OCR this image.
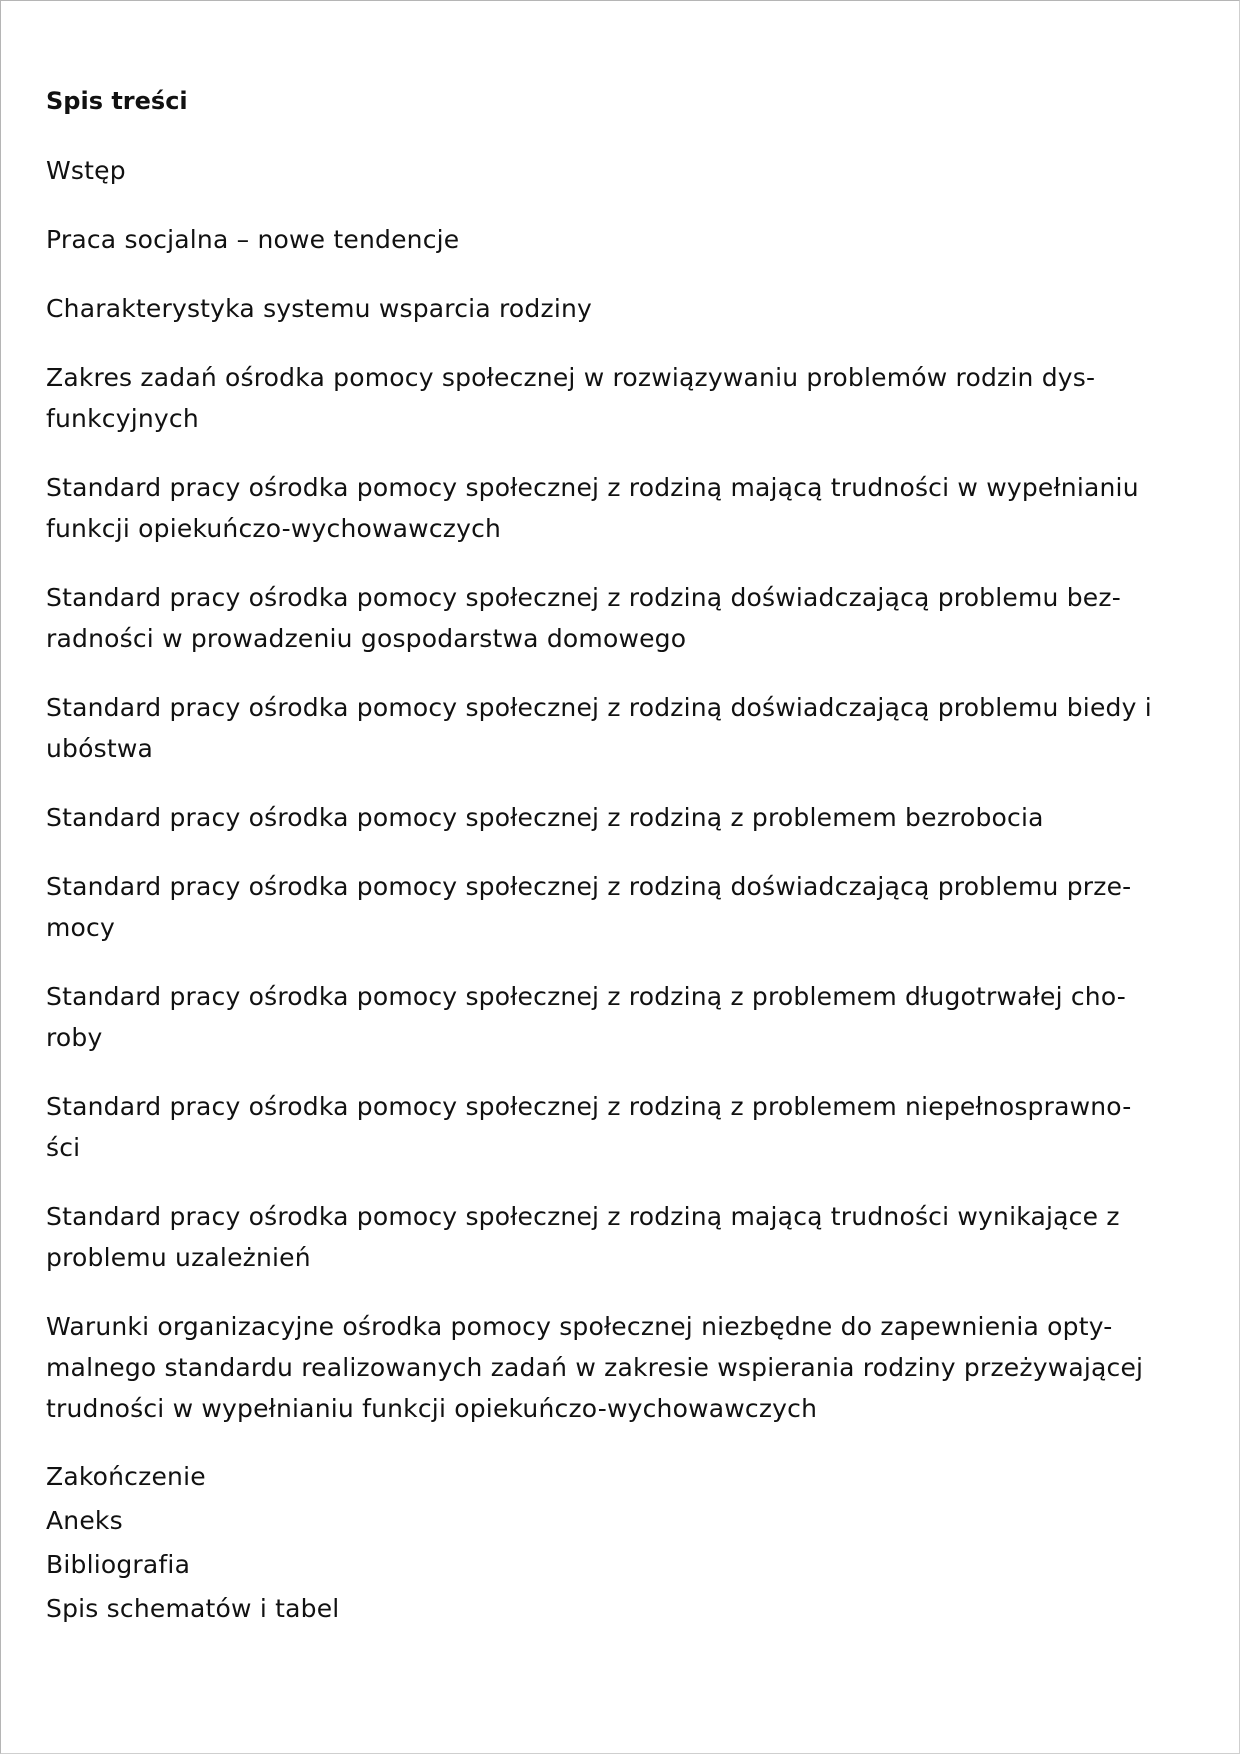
Spis treści
Wstęp
Praca socjalna – nowe tendencje
Charakterystyka systemu wsparcia rodziny
Zakres zadań ośrodka pomocy społecznej w rozwiązywaniu problemów rodzin dys-
funkcyjnych
Standard pracy ośrodka pomocy społecznej z rodziną mającą trudności w wypełnianiu
funkcji opiekuńczo-wychowawczych
Standard pracy ośrodka pomocy społecznej z rodziną doświadczającą problemu bez-
radności w prowadzeniu gospodarstwa domowego
Standard pracy ośrodka pomocy społecznej z rodziną doświadczającą problemu biedy i
ubóstwa
Standard pracy ośrodka pomocy społecznej z rodziną z problemem bezrobocia
Standard pracy ośrodka pomocy społecznej z rodziną doświadczającą problemu prze-
mocy
Standard pracy ośrodka pomocy społecznej z rodziną z problemem długotrwałej cho-
roby
Standard pracy ośrodka pomocy społecznej z rodziną z problemem niepełnosprawno-
ści
Standard pracy ośrodka pomocy społecznej z rodziną mającą trudności wynikające z
problemu uzależnień
Warunki organizacyjne ośrodka pomocy społecznej niezbędne do zapewnienia opty-
malnego standardu realizowanych zadań w zakresie wspierania rodziny przeżywającej
trudności w wypełnianiu funkcji opiekuńczo-wychowawczych
Zakończenie
Aneks
Bibliografia
Spis schematów i tabel
